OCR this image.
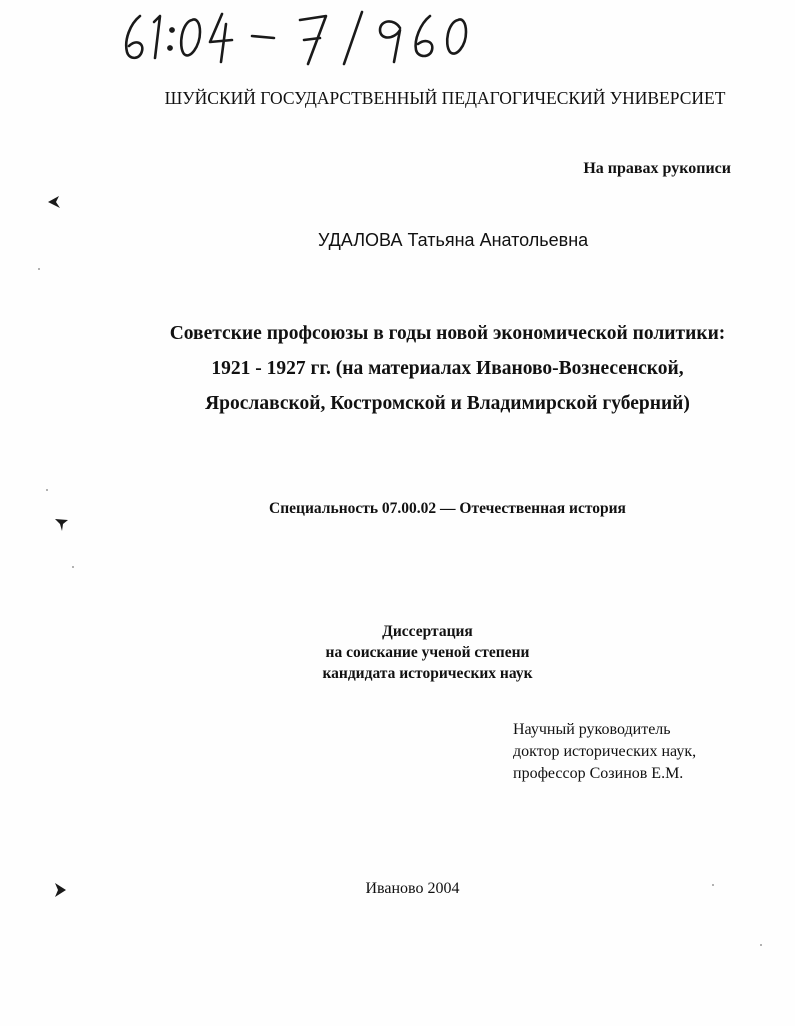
ШУЙСКИЙ ГОСУДАРСТВЕННЫЙ ПЕДАГОГИЧЕСКИЙ УНИВЕРСИЕТ
На правах рукописи
УДАЛОВА Татьяна Анатольевна
Советские профсоюзы в годы новой экономической политики:
1921 - 1927 гг. (на материалах Иваново-Вознесенской,
Ярославской, Костромской и Владимирской губерний)
Специальность 07.00.02 — Отечественная история
Диссертация
на соискание ученой степени
кандидата исторических наук
Научный руководитель
доктор исторических наук,
профессор Созинов Е.М.
Иваново 2004
